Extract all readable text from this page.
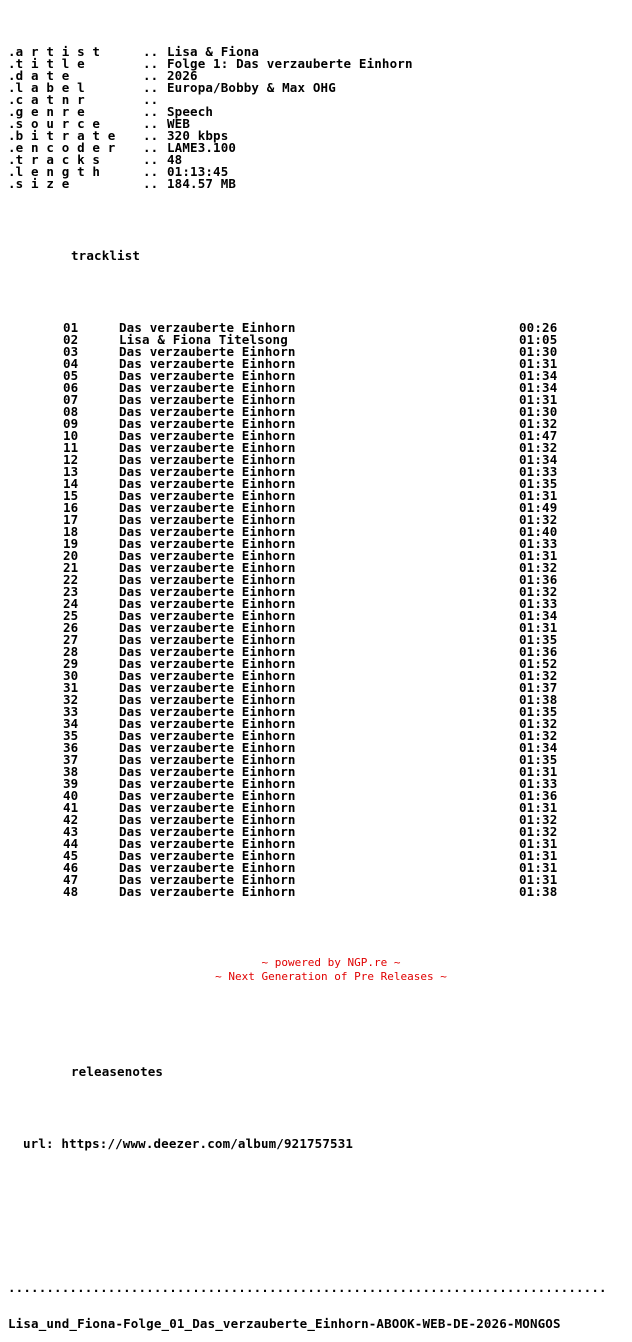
.a r t i s t	.. Lisa & Fiona
.t i t l e	.. Folge 1: Das verzauberte Einhorn
.d a t e	.. 2026
.l a b e l	.. Europa/Bobby & Max OHG
.c a t n r	..
.g e n r e	.. Speech
.s o u r c e	.. WEB
.b i t r a t e .. 320 kbps
.e n c o d e r .. LAME3.100
.t r a c k s	.. 48
.l e n g t h	.. 01:13:45
.s i z e	.. 184.57 MB

tracklist

01	Das verzauberte Einhorn	00:26
02	Lisa & Fiona Titelsong	01:05
03	Das verzauberte Einhorn	01:30
04	Das verzauberte Einhorn	01:31
05	Das verzauberte Einhorn	01:34
06	Das verzauberte Einhorn	01:34
07	Das verzauberte Einhorn	01:31
08	Das verzauberte Einhorn	01:30
09	Das verzauberte Einhorn	01:32
10	Das verzauberte Einhorn	01:47
11	Das verzauberte Einhorn	01:32
12	Das verzauberte Einhorn	01:34
13	Das verzauberte Einhorn	01:33
14	Das verzauberte Einhorn	01:35
15	Das verzauberte Einhorn	01:31
16	Das verzauberte Einhorn	01:49
17	Das verzauberte Einhorn	01:32
18	Das verzauberte Einhorn	01:40
19	Das verzauberte Einhorn	01:33
20	Das verzauberte Einhorn	01:31
21	Das verzauberte Einhorn	01:32
22	Das verzauberte Einhorn	01:36
23	Das verzauberte Einhorn	01:32
24	Das verzauberte Einhorn	01:33
25	Das verzauberte Einhorn	01:34
26	Das verzauberte Einhorn	01:31
27	Das verzauberte Einhorn	01:35
28	Das verzauberte Einhorn	01:36
29	Das verzauberte Einhorn	01:52
30	Das verzauberte Einhorn	01:32
31	Das verzauberte Einhorn	01:37
32	Das verzauberte Einhorn	01:38
33	Das verzauberte Einhorn	01:35
34	Das verzauberte Einhorn	01:32
35	Das verzauberte Einhorn	01:32
36	Das verzauberte Einhorn	01:34
37	Das verzauberte Einhorn	01:35
38	Das verzauberte Einhorn	01:31
39	Das verzauberte Einhorn	01:33
40	Das verzauberte Einhorn	01:36
41	Das verzauberte Einhorn	01:31
42	Das verzauberte Einhorn	01:32
43	Das verzauberte Einhorn	01:32
44	Das verzauberte Einhorn	01:31
45	Das verzauberte Einhorn	01:31
46	Das verzauberte Einhorn	01:31
47	Das verzauberte Einhorn	01:31
48	Das verzauberte Einhorn	01:38

releasenotes

url: https://www.deezer.com/album/921757531

..............................................................................

Lisa_und_Fiona-Folge_01_Das_verzauberte_Einhorn-ABOOK-WEB-DE-2026-MONGOS

~ powered by NGP.re ~
~ Next Generation of Pre Releases ~
